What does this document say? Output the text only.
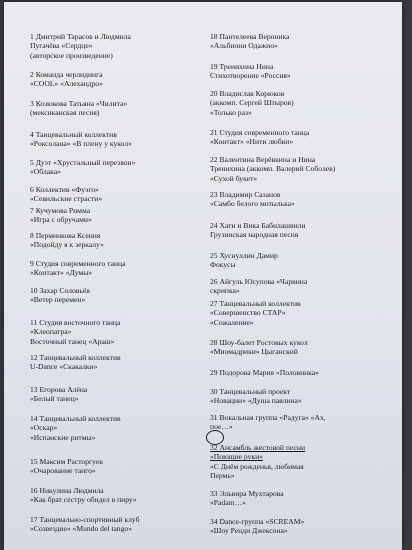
1 Дмитрий Тарасов и Людмила
Пугачёва «Сердце»
(авторское произведение)
2 Команда черлидинга
«COOL» «Алехандро»
3 Козюкова Татьяна «Чилита»
(мексиканская песня)
4 Танцевальный коллектив
«Роксолана» «В плену у кукол»
5 Дуэт «Хрустальный перезвон»
«Облака»
6 Коллектив «Фуэго»
«Севильские страсти»
7 Кучумова Римма
«Игра с обручами»
8 Перминкова Ксения
«Подойду я к зеркалу»
9 Студия современного танца
«Контакт» «Думы»
10 Захар Соловьёв
«Ветер перемен»
11 Студия восточного танца
«Клеопатра»
Восточный танец «Араш»
12 Танцевальный коллектив
U-Dance «Скакалки»
13 Егорова Алёна
«Белый танец»
14 Танцевальный коллектив
«Оскар»
«Испанские ритмы»
15 Максим Расторгуев
«Очарование танго»
16 Никулина Людмила
«Как брат сестру обидел в пиру»
17 Танцевально-спортивный клуб
«Созвездие» «Mundo del tango»
18 Пантелеева Вероника
«Альбиони Одажио»
19 Тренихина Нина
Стихотворение «Россия»
20 Владислав Корюков
(аккомп. Сергей Штыров)
«Только раз»
21 Студия современного танца
«Контакт» «Нити любви»
22 Валентина Верёвкина и Нина
Тренихина (аккомп. Валерий Соболев)
«Сухой букет»
23 Владимир Сазанов
«Самбо белого мотылька»
24 Хати и Вика Бабилашвили
Грузинская народная песня
25 Хуснуллин Дамир
Фокусы
26 Айгуль Юсупова «Чарвина
скрипка»
27 Танцевальный коллектив
«Совершенство СТАР»
«Сожаление»
28 Шоу-балет Ростовых кукол
«Миомадрики» Цыганский
29 Подорова Мария «Половинка»
30 Танцевальный проект
«Новации» «Душа павлина»
31 Вокальная группа «Радуга» «Ах,
пое…»
32 Ансамбль жестовой песни
«Поющие руки»
«С Днём рожденья, любимая
Пермь»
33 Эльвира Мухтарова
«Padam…»
34 Dance-группа «SCREAM»
«Шоу Ренди Джексона»
